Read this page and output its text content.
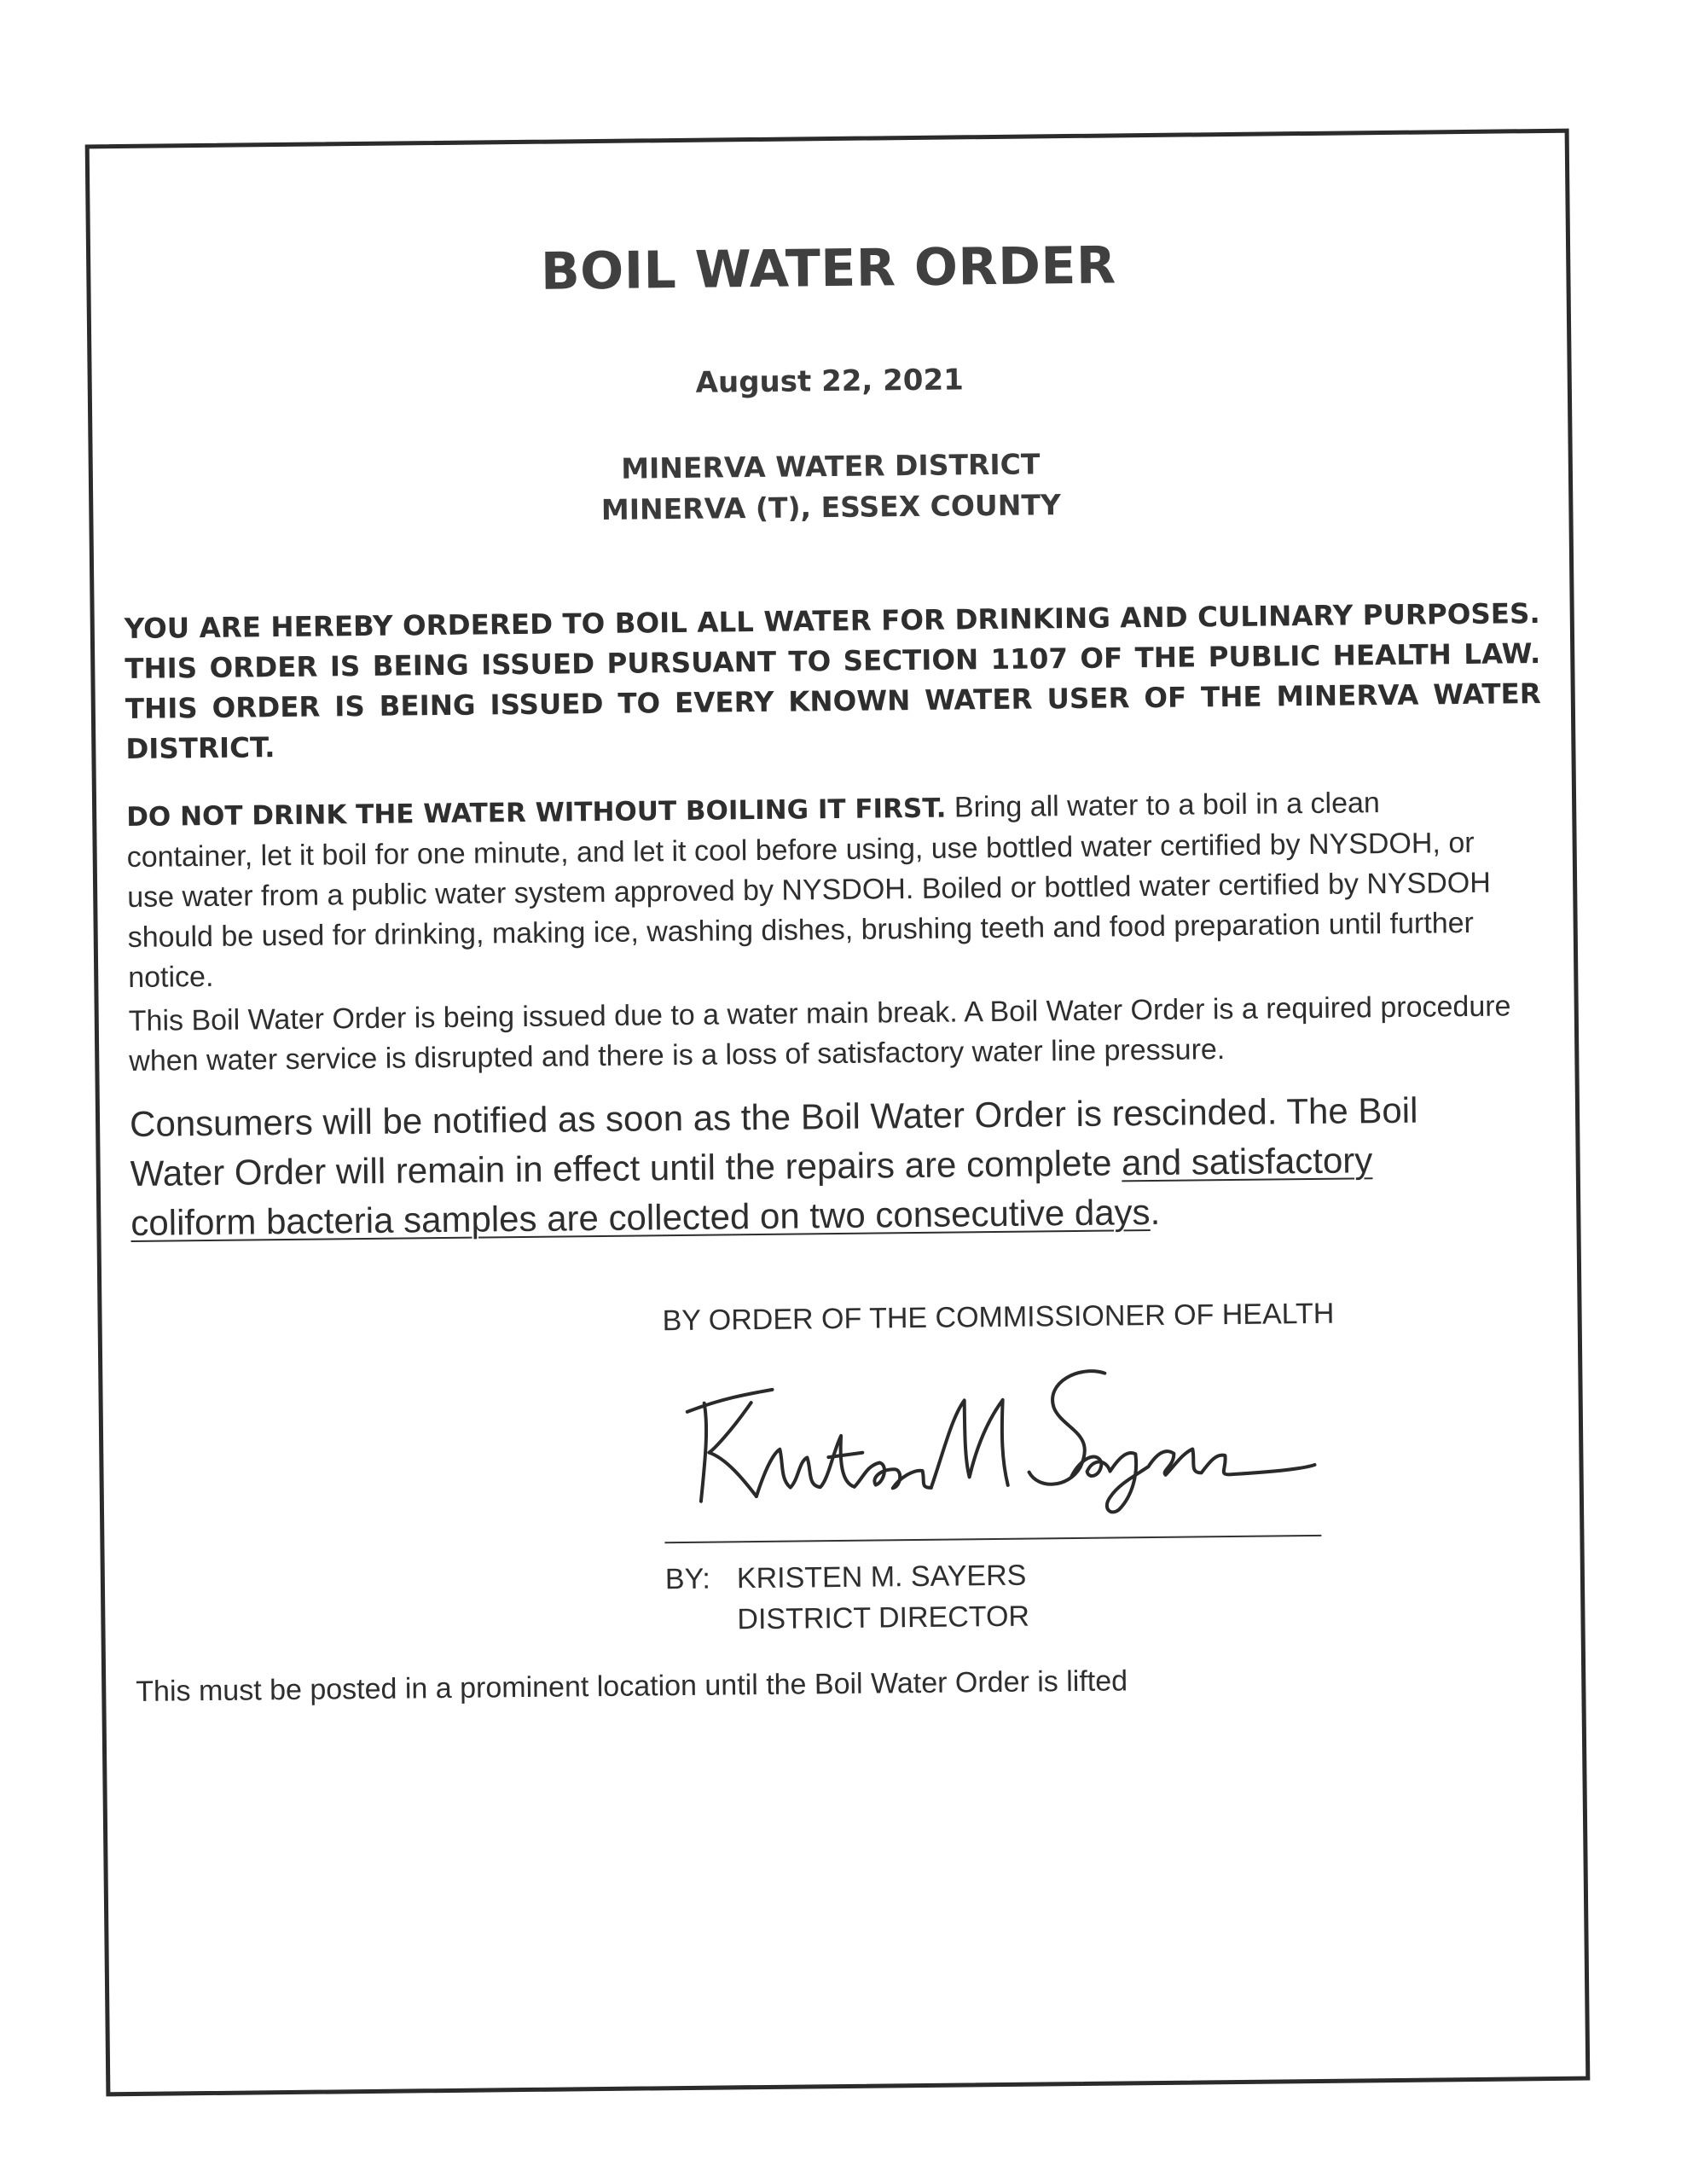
BOIL WATER ORDER
August 22, 2021
MINERVA WATER DISTRICT
MINERVA (T), ESSEX COUNTY
YOU ARE HEREBY ORDERED TO BOIL ALL WATER FOR DRINKING AND CULINARY PURPOSES. THIS ORDER IS BEING ISSUED PURSUANT TO SECTION 1107 OF THE PUBLIC HEALTH LAW. THIS ORDER IS BEING ISSUED TO EVERY KNOWN WATER USER OF THE MINERVA WATER DISTRICT.
DO NOT DRINK THE WATER WITHOUT BOILING IT FIRST. Bring all water to a boil in a clean container, let it boil for one minute, and let it cool before using, use bottled water certified by NYSDOH, or use water from a public water system approved by NYSDOH. Boiled or bottled water certified by NYSDOH should be used for drinking, making ice, washing dishes, brushing teeth and food preparation until further notice.
This Boil Water Order is being issued due to a water main break. A Boil Water Order is a required procedure when water service is disrupted and there is a loss of satisfactory water line pressure.
Consumers will be notified as soon as the Boil Water Order is rescinded. The Boil Water Order will remain in effect until the repairs are complete and satisfactory coliform bacteria samples are collected on two consecutive days.
BY ORDER OF THE COMMISSIONER OF HEALTH
BY: KRISTEN M. SAYERS
DISTRICT DIRECTOR
This must be posted in a prominent location until the Boil Water Order is lifted
